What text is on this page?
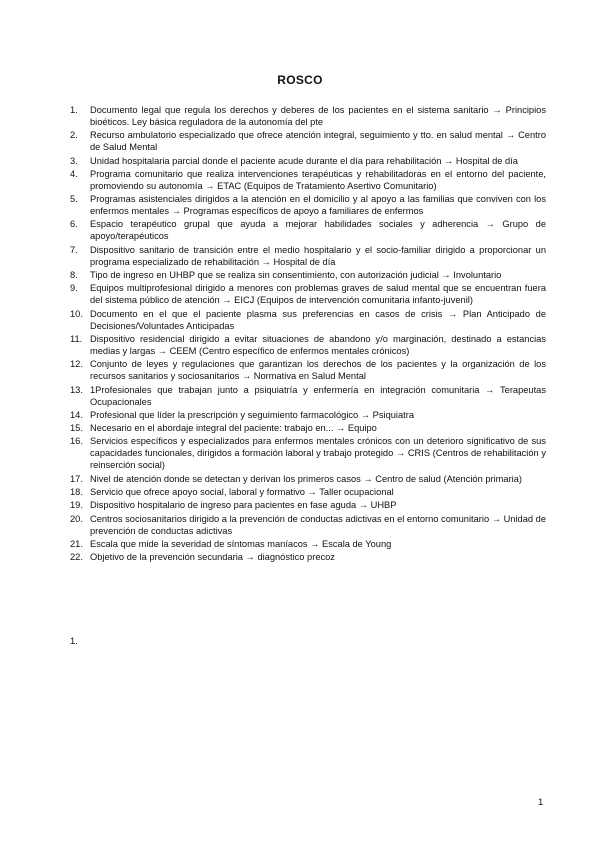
ROSCO
1.	Documento legal que regula los derechos y deberes de los pacientes en el sistema sanitario → Principios bioéticos. Ley básica reguladora de la autonomía del pte
2.	Recurso ambulatorio especializado que ofrece atención integral, seguimiento y tto. en salud mental → Centro de Salud Mental
3.	Unidad hospitalaria parcial donde el paciente acude durante el día para rehabilitación → Hospital de día
4.	Programa comunitario que realiza intervenciones terapéuticas y rehabilitadoras en el entorno del paciente, promoviendo su autonomía → ETAC (Equipos de Tratamiento Asertivo Comunitario)
5.	Programas asistenciales dirigidos a la atención en el domicilio y al apoyo a las familias que conviven con los enfermos mentales → Programas específicos de apoyo a familiares de enfermos
6.	Espacio terapéutico grupal que ayuda a mejorar habilidades sociales y adherencia → Grupo de apoyo/terapéuticos
7.	Dispositivo sanitario de transición entre el medio hospitalario y el socio-familiar dirigido a proporcionar un programa especializado de rehabilitación → Hospital de día
8.	Tipo de ingreso en UHBP que se realiza sin consentimiento, con autorización judicial → Involuntario
9.	Equipos multiprofesional dirigido a menores con problemas graves de salud mental que se encuentran fuera del sistema público de atención → EICJ (Equipos de intervención comunitaria infanto-juvenil)
10. Documento en el que el paciente plasma sus preferencias en casos de crisis → Plan Anticipado de Decisiones/Voluntades Anticipadas
11. Dispositivo residencial dirigido a evitar situaciones de abandono y/o marginación, destinado a estancias medias y largas → CEEM (Centro específico de enfermos mentales crónicos)
12. Conjunto de leyes y regulaciones que garantizan los derechos de los pacientes y la organización de los recursos sanitarios y sociosanitarios → Normativa en Salud Mental
13. 1Profesionales que trabajan junto a psiquiatría y enfermería en integración comunitaria → Terapeutas Ocupacionales
14. Profesional que líder la prescripción y seguimiento farmacológico → Psiquiatra
15. Necesario en el abordaje integral del paciente: trabajo en... → Equipo
16. Servicios específicos y especializados para enfermos mentales crónicos con un deterioro significativo de sus capacidades funcionales, dirigidos a formación laboral y trabajo protegido → CRIS (Centros de rehabilitación y reinserción social)
17. Nivel de atención donde se detectan y derivan los primeros casos → Centro de salud (Atención primaria)
18. Servicio que ofrece apoyo social, laboral y formativo → Taller ocupacional
19. Dispositivo hospitalario de ingreso para pacientes en fase aguda → UHBP
20. Centros sociosanitarios dirigido a la prevención de conductas adictivas en el entorno comunitario → Unidad de prevención de conductas adictivas
21. Escala que mide la severidad de síntomas maníacos → Escala de Young
22. Objetivo de la prevención secundaria → diagnóstico precoz
1.
1
